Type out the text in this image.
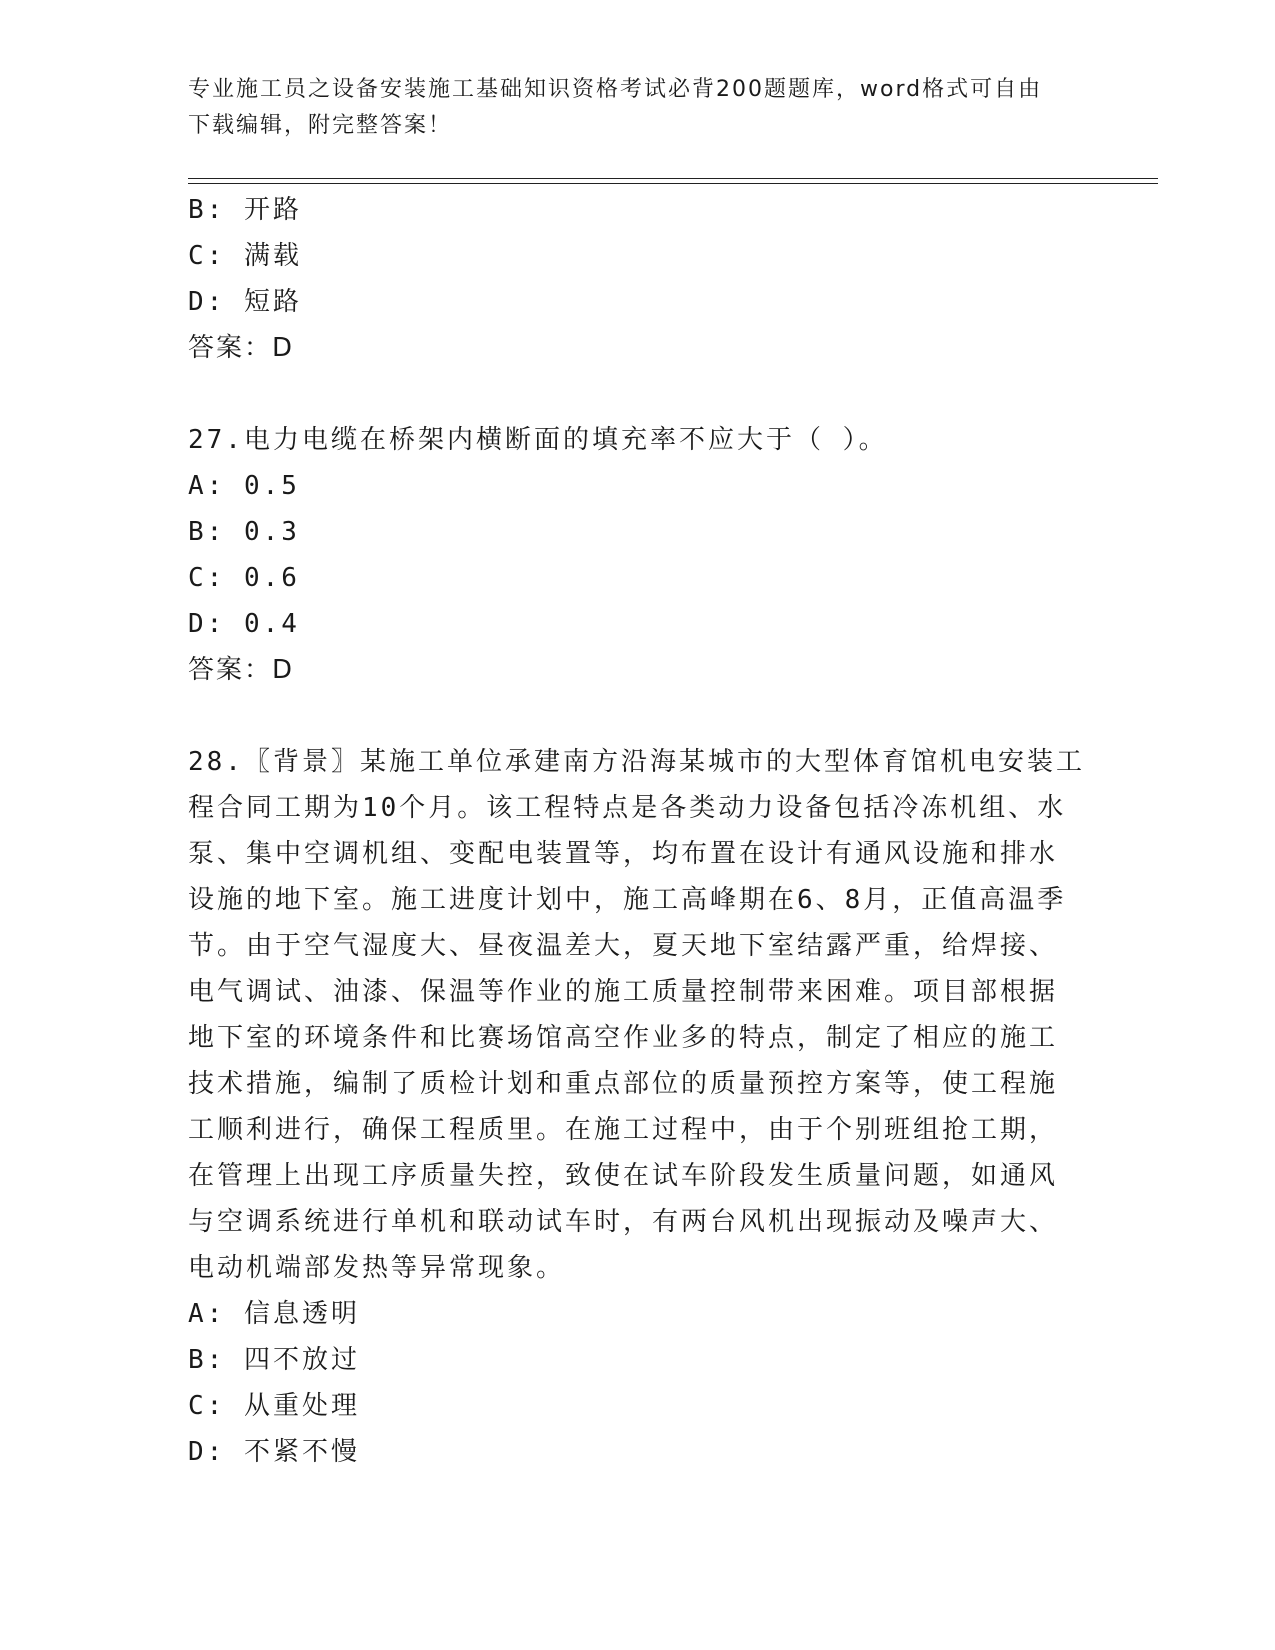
专业施工员之设备安装施工基础知识资格考试必背200题题库，word格式可自由
下载编辑，附完整答案！
B: 开路
C: 满载
D: 短路
答案：D
27.电力电缆在桥架内横断面的填充率不应大于（ ）。
A: 0.5
B: 0.3
C: 0.6
D: 0.4
答案：D
28.〖背景〗某施工单位承建南方沿海某城市的大型体育馆机电安装工
程合同工期为10个月。该工程特点是各类动力设备包括冷冻机组、水
泵、集中空调机组、变配电装置等，均布置在设计有通风设施和排水
设施的地下室。施工进度计划中，施工高峰期在6、8月，正值高温季
节。由于空气湿度大、昼夜温差大，夏天地下室结露严重，给焊接、
电气调试、油漆、保温等作业的施工质量控制带来困难。项目部根据
地下室的环境条件和比赛场馆高空作业多的特点，制定了相应的施工
技术措施，编制了质检计划和重点部位的质量预控方案等，使工程施
工顺利进行，确保工程质里。在施工过程中，由于个别班组抢工期，
在管理上出现工序质量失控，致使在试车阶段发生质量问题，如通风
与空调系统进行单机和联动试车时，有两台风机出现振动及噪声大、
电动机端部发热等异常现象。
A: 信息透明
B: 四不放过
C: 从重处理
D: 不紧不慢
